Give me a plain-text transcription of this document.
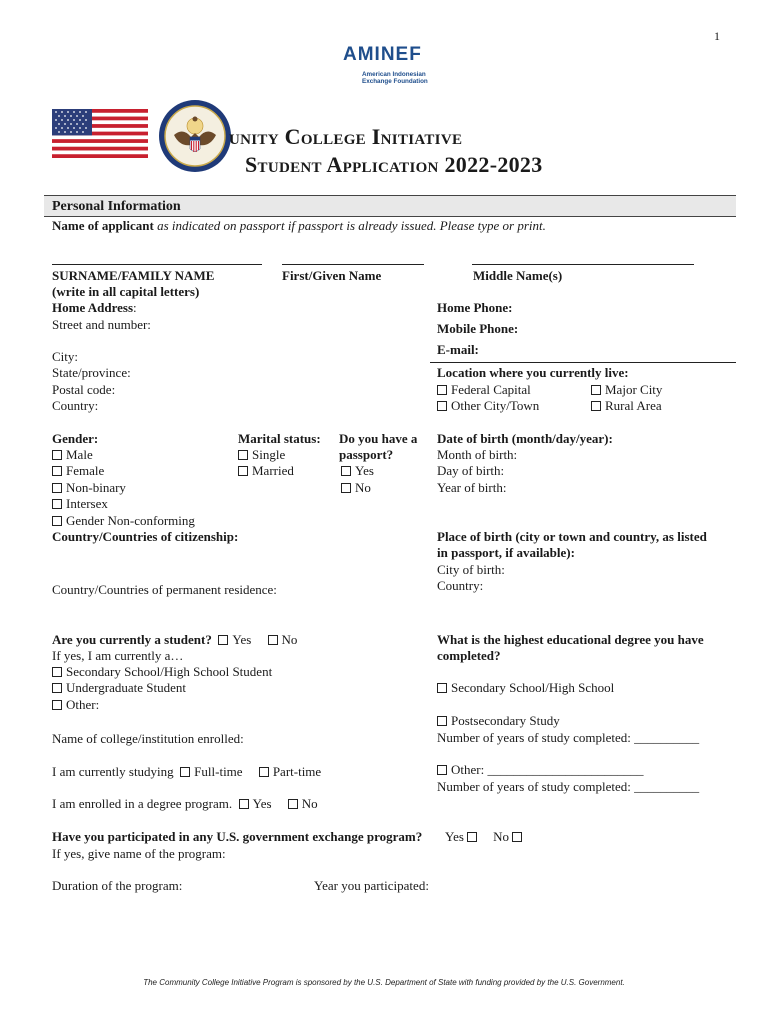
1
AMINEF
American Indonesian
Exchange Foundation
unity College Initiative
Student Application 2022-2023
Personal Information
Name of applicant as indicated on passport if passport is already issued. Please type or print.
SURNAME/FAMILY NAME
(write in all capital letters)
First/Given Name	Middle Name(s)
Home Address:
Street and number:
City:
State/province:
Postal code:
Country:
Home Phone:
Mobile Phone:
E-mail:
Location where you currently live:
Federal Capital	Major City
Other City/Town	Rural Area
Gender:
Male
Female
Non-binary
Intersex
Gender Non-conforming
Marital status:
Single
Married
Do you have a
passport?
Yes
No
Date of birth (month/day/year):
Month of birth:
Day of birth:
Year of birth:
Country/Countries of citizenship:
Country/Countries of permanent residence:
Place of birth (city or town and country, as listed
in passport, if available):
City of birth:
Country:
Are you currently a student? Yes No
If yes, I am currently a…
Secondary School/High School Student
Undergraduate Student
Other:
Name of college/institution enrolled:
I am currently studying Full-time Part-time
I am enrolled in a degree program. Yes No
What is the highest educational degree you have
completed?
Secondary School/High School
Postsecondary Study
Number of years of study completed: __________
Other: ________________________
Number of years of study completed: __________
Have you participated in any U.S. government exchange program? Yes No
If yes, give name of the program:
Duration of the program:	Year you participated:
The Community College Initiative Program is sponsored by the U.S. Department of State with funding provided by the U.S. Government.
